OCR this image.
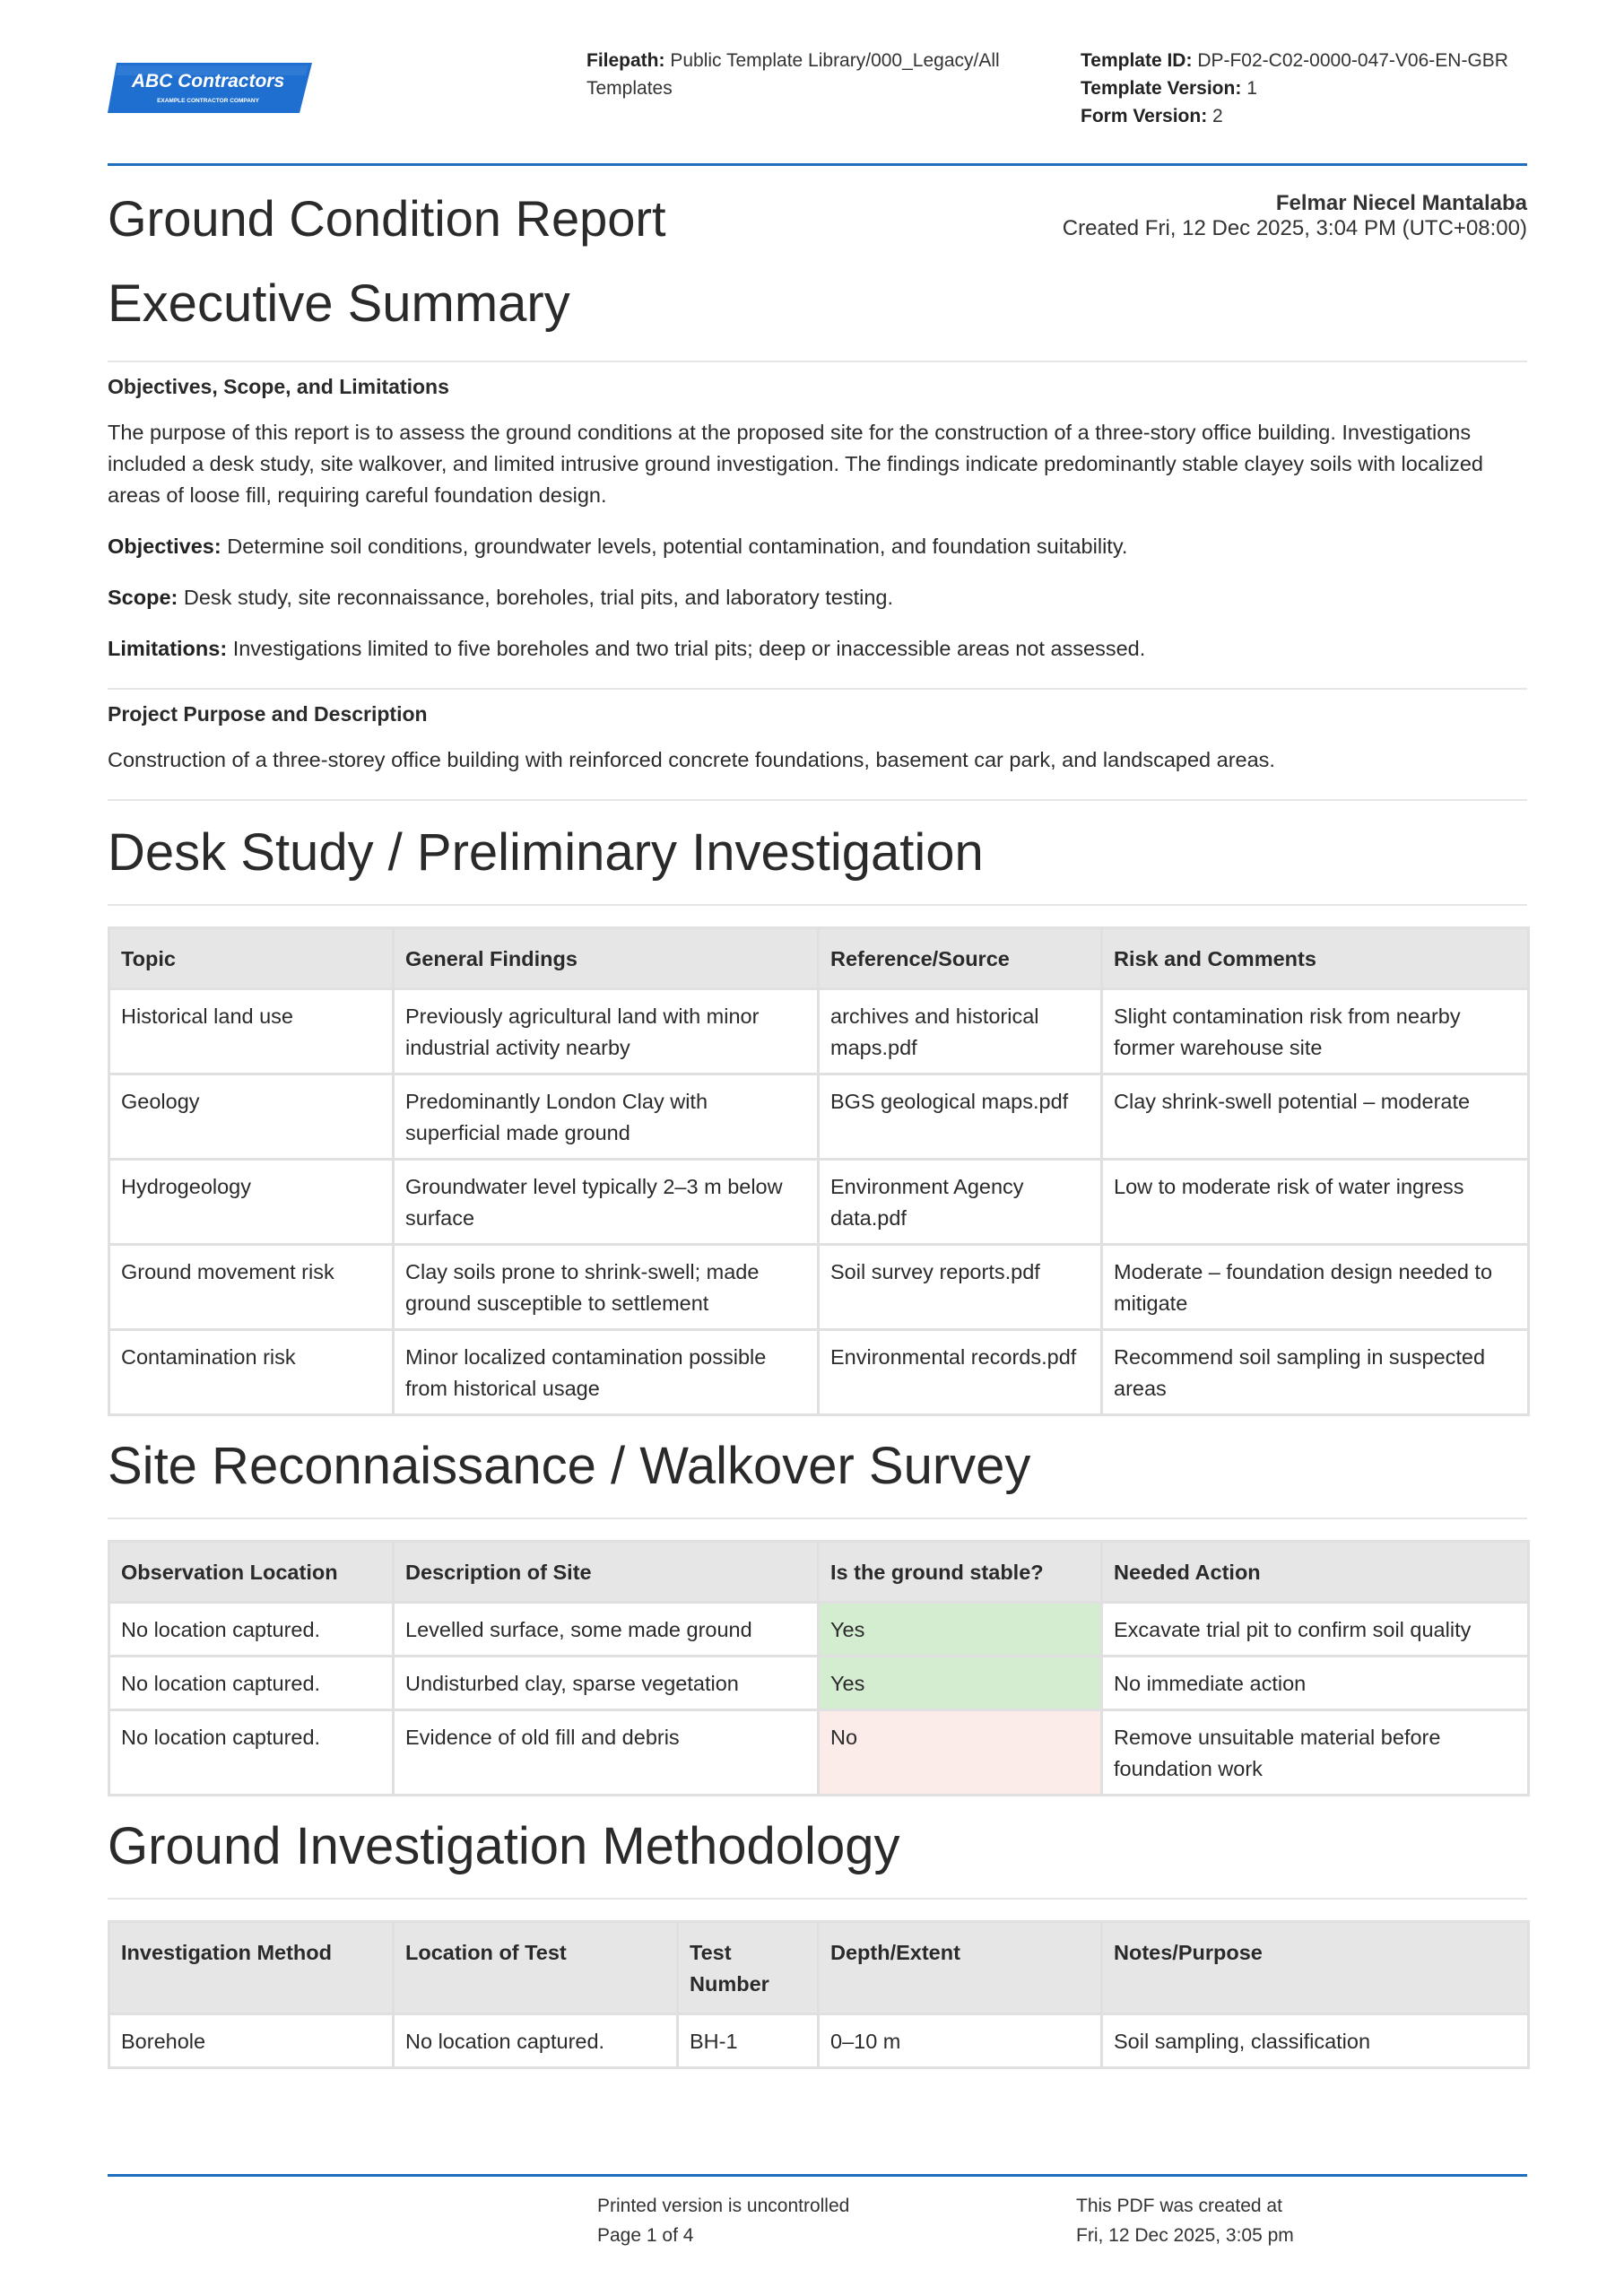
ABC Contractors
EXAMPLE CONTRACTOR COMPANY
Filepath: Public Template Library/000_Legacy/All Templates
Template ID: DP-F02-C02-0000-047-V06-EN-GBR
Template Version: 1
Form Version: 2
Ground Condition Report	Felmar Niecel Mantalaba
Created Fri, 12 Dec 2025, 3:04 PM (UTC+08:00)
Executive Summary
Objectives, Scope, and Limitations

The purpose of this report is to assess the ground conditions at the proposed site for the construction of a three-story office building. Investigations included a desk study, site walkover, and limited intrusive ground investigation. The findings indicate predominantly stable clayey soils with localized areas of loose fill, requiring careful foundation design.

Objectives: Determine soil conditions, groundwater levels, potential contamination, and foundation suitability.

Scope: Desk study, site reconnaissance, boreholes, trial pits, and laboratory testing.

Limitations: Investigations limited to five boreholes and two trial pits; deep or inaccessible areas not assessed.

Project Purpose and Description

Construction of a three-storey office building with reinforced concrete foundations, basement car park, and landscaped areas.

Desk Study / Preliminary Investigation
Topic	General Findings	Reference/Source	Risk and Comments
Historical land use	Previously agricultural land with minor industrial activity nearby	archives and historical maps.pdf	Slight contamination risk from nearby former warehouse site
Geology	Predominantly London Clay with superficial made ground	BGS geological maps.pdf	Clay shrink-swell potential – moderate
Hydrogeology	Groundwater level typically 2–3 m below surface	Environment Agency data.pdf	Low to moderate risk of water ingress
Ground movement risk	Clay soils prone to shrink-swell; made ground susceptible to settlement	Soil survey reports.pdf	Moderate – foundation design needed to mitigate
Contamination risk	Minor localized contamination possible from historical usage	Environmental records.pdf	Recommend soil sampling in suspected areas
Site Reconnaissance / Walkover Survey
Observation Location	Description of Site	Is the ground stable?	Needed Action
No location captured.	Levelled surface, some made ground	Yes	Excavate trial pit to confirm soil quality
No location captured.	Undisturbed clay, sparse vegetation	Yes	No immediate action
No location captured.	Evidence of old fill and debris	No	Remove unsuitable material before foundation work
Ground Investigation Methodology
Investigation Method	Location of Test	Test Number	Depth/Extent	Notes/Purpose
Borehole	No location captured.	BH-1	0–10 m	Soil sampling, classification
Printed version is uncontrolled
Page 1 of 4
This PDF was created at
Fri, 12 Dec 2025, 3:05 pm
